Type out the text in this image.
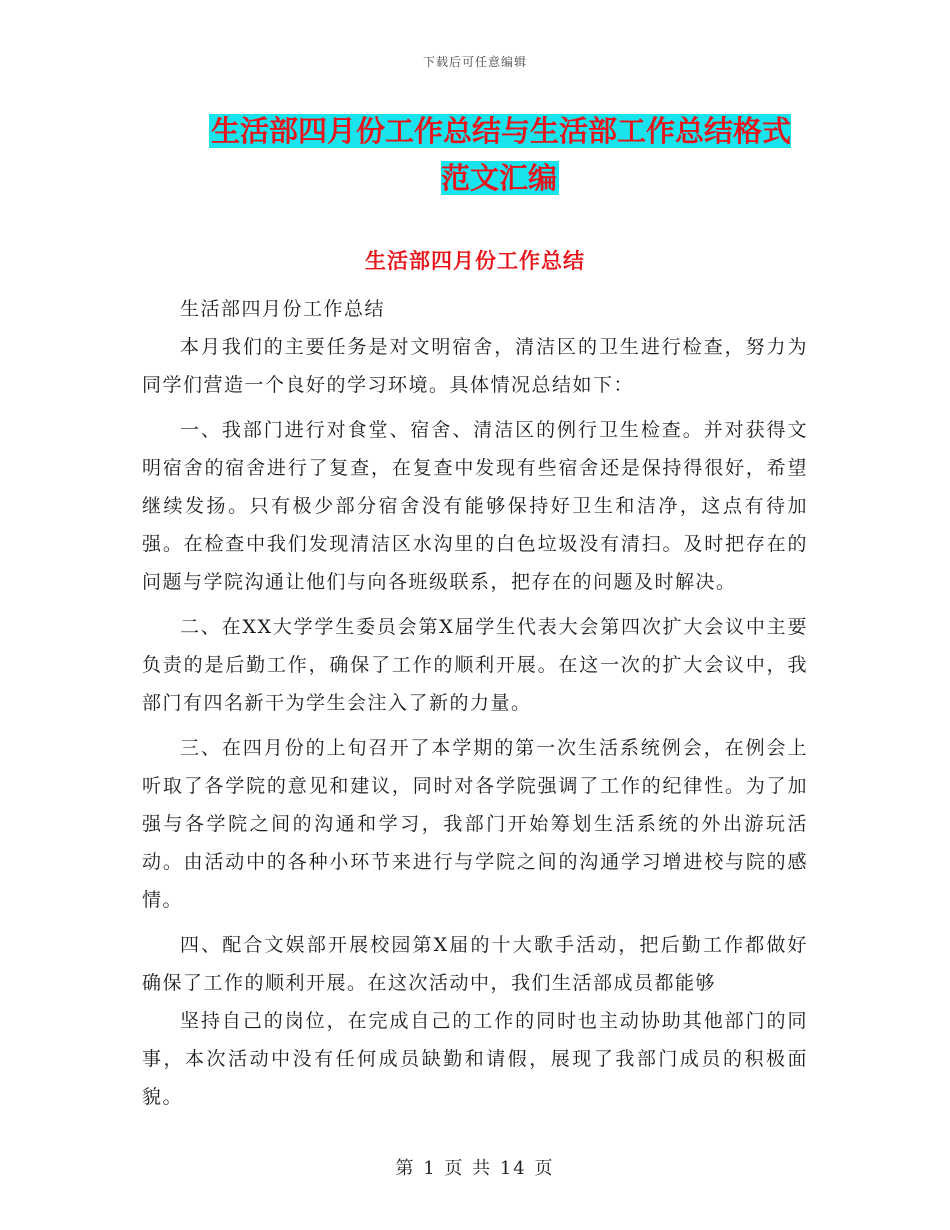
下载后可任意编辑
生活部四月份工作总结与生活部工作总结格式范文汇编
生活部四月份工作总结

生活部四月份工作总结

本月我们的主要任务是对文明宿舍，清洁区的卫生进行检查，努力为同学们营造一个良好的学习环境。具体情况总结如下：

一、我部门进行对食堂、宿舍、清洁区的例行卫生检查。并对获得文明宿舍的宿舍进行了复查，在复查中发现有些宿舍还是保持得很好，希望继续发扬。只有极少部分宿舍没有能够保持好卫生和洁净，这点有待加强。在检查中我们发现清洁区水沟里的白色垃圾没有清扫。及时把存在的问题与学院沟通让他们与向各班级联系，把存在的问题及时解决。

二、在XX大学学生委员会第X届学生代表大会第四次扩大会议中主要负责的是后勤工作，确保了工作的顺利开展。在这一次的扩大会议中，我部门有四名新干为学生会注入了新的力量。

三、在四月份的上旬召开了本学期的第一次生活系统例会，在例会上听取了各学院的意见和建议，同时对各学院强调了工作的纪律性。为了加强与各学院之间的沟通和学习，我部门开始筹划生活系统的外出游玩活动。由活动中的各种小环节来进行与学院之间的沟通学习增进校与院的感情。

四、配合文娱部开展校园第X届的十大歌手活动，把后勤工作都做好确保了工作的顺利开展。在这次活动中，我们生活部成员都能够

坚持自己的岗位，在完成自己的工作的同时也主动协助其他部门的同事，本次活动中没有任何成员缺勤和请假，展现了我部门成员的积极面貌。

第 1 页 共 14 页
